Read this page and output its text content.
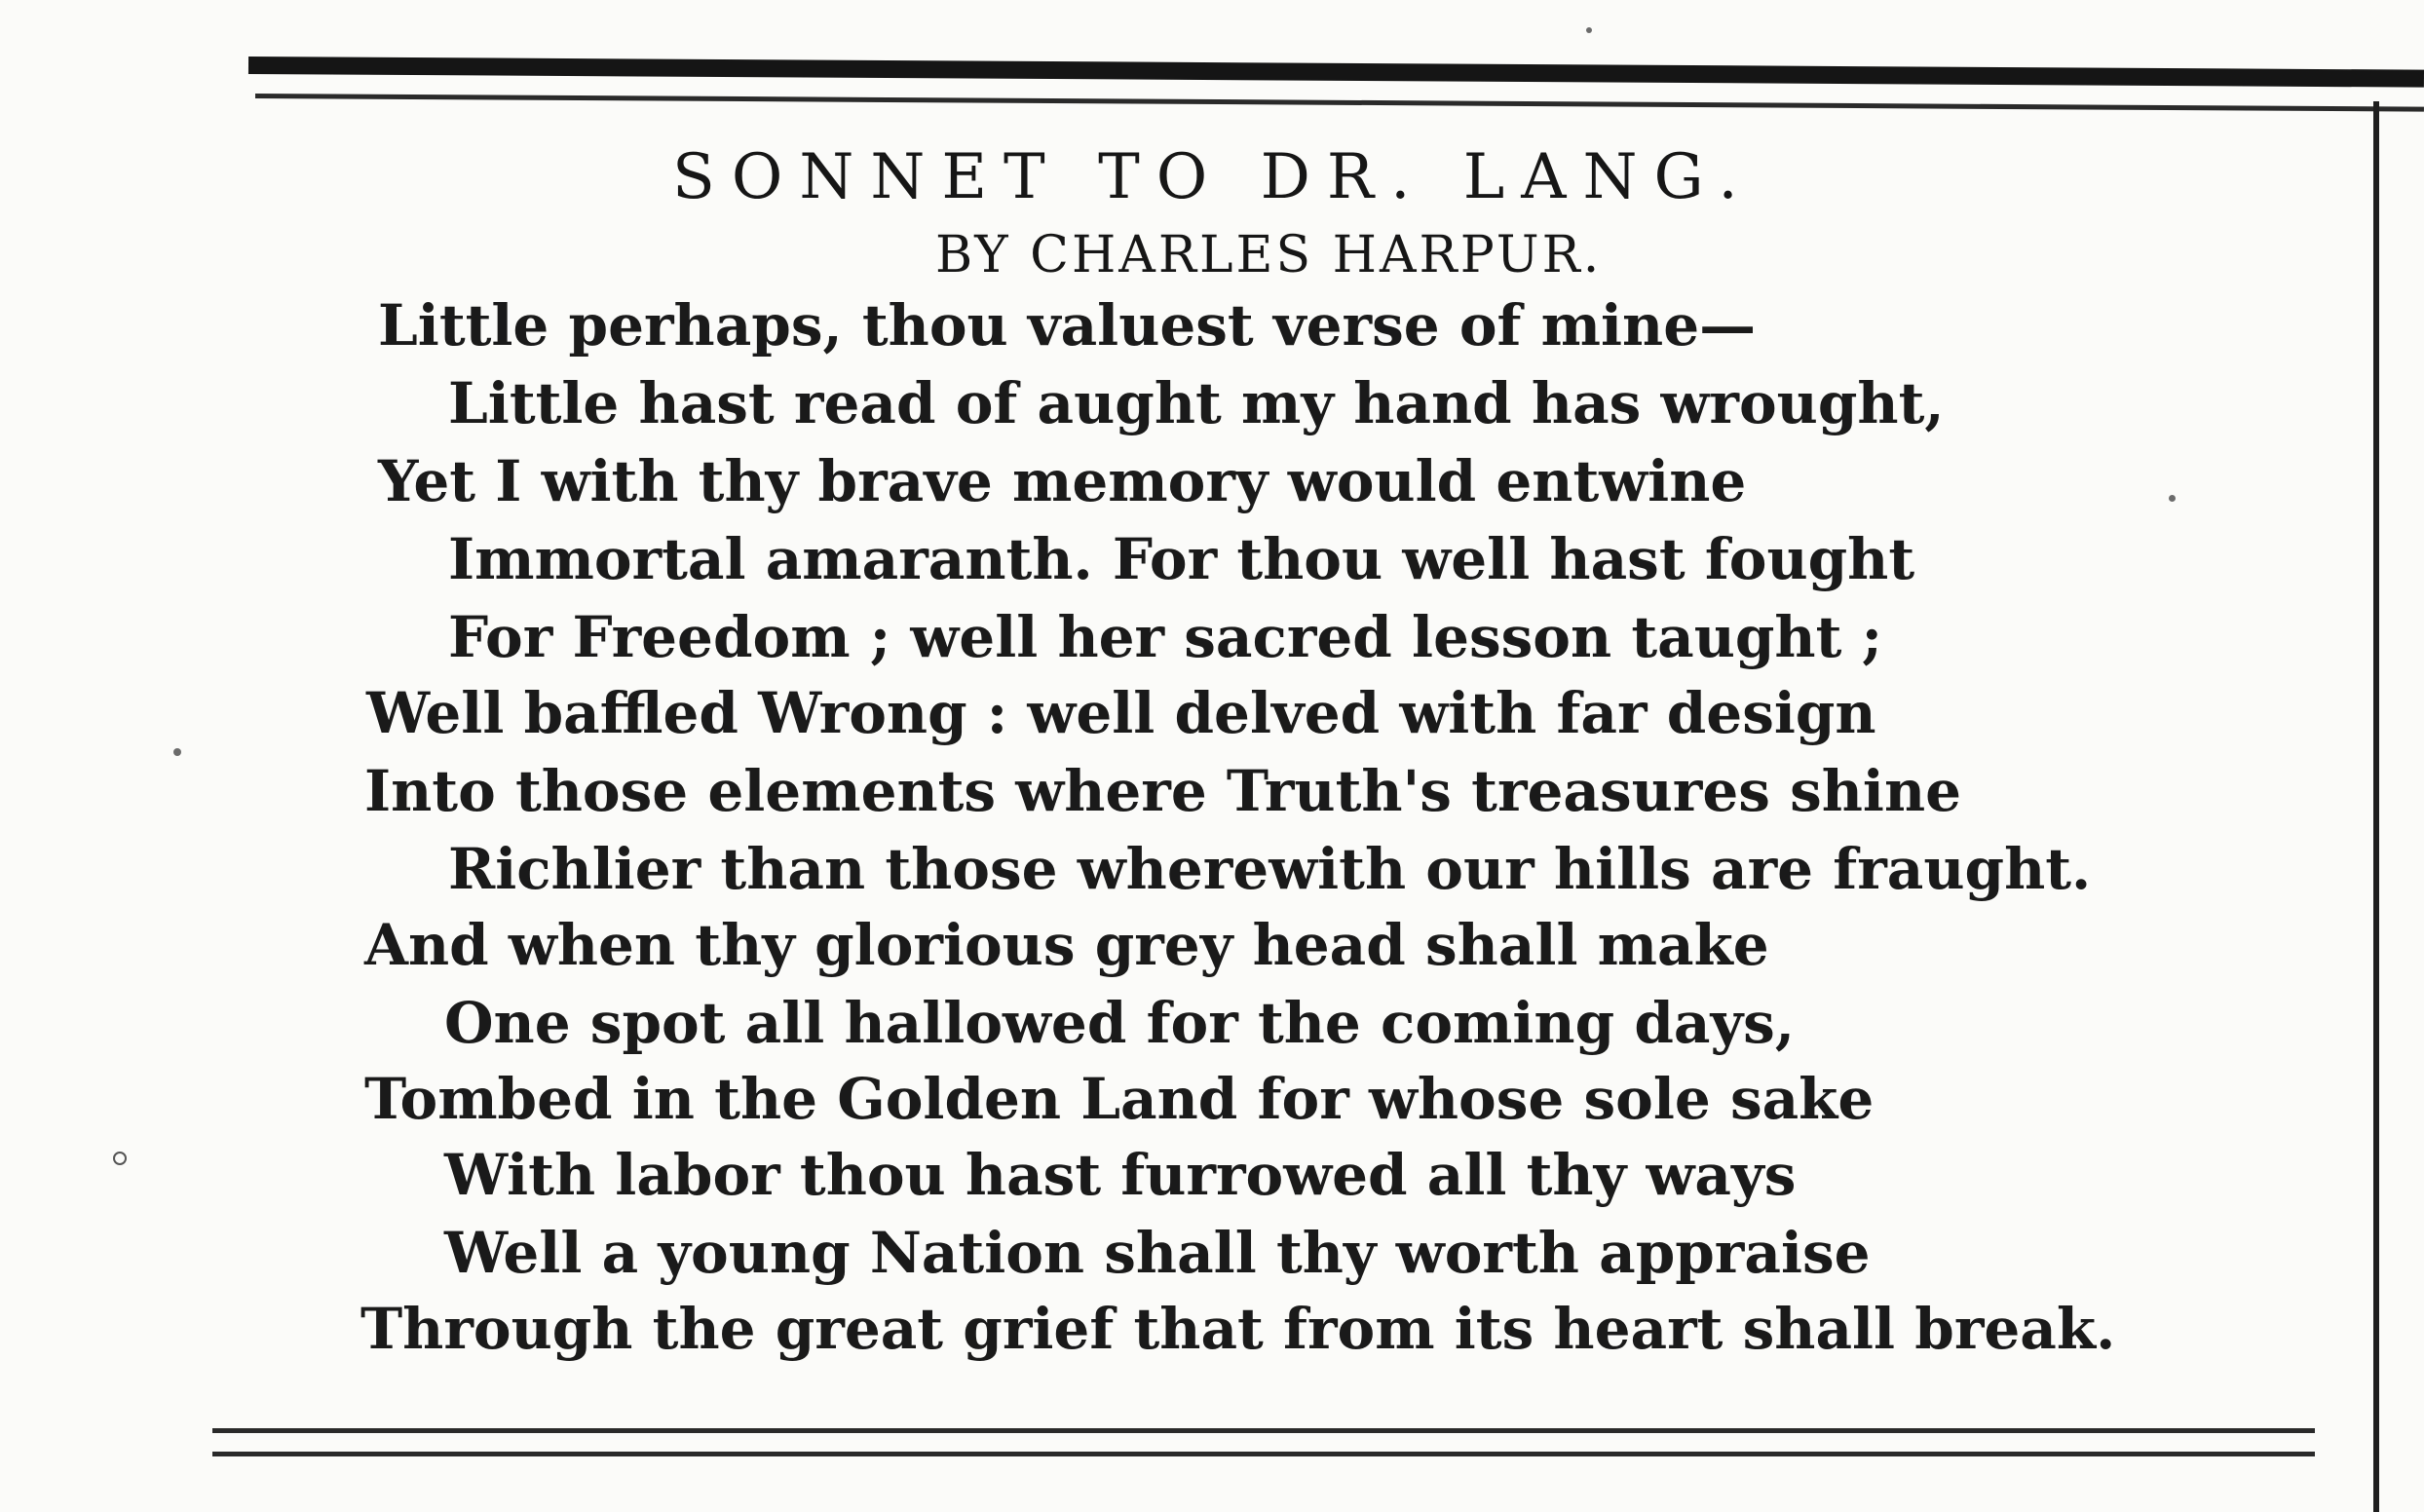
SONNET TO DR. LANG.
BY CHARLES HARPUR.
Little perhaps, thou valuest verse of mine—
Little hast read of aught my hand has wrought,
Yet I with thy brave memory would entwine
Immortal amaranth. For thou well hast fought
For Freedom ; well her sacred lesson taught ;
Well baffled Wrong : well delved with far design
Into those elements where Truth's treasures shine
Richlier than those wherewith our hills are fraught.
And when thy glorious grey head shall make
One spot all hallowed for the coming days,
Tombed in the Golden Land for whose sole sake
With labor thou hast furrowed all thy ways
Well a young Nation shall thy worth appraise
Through the great grief that from its heart shall break.
